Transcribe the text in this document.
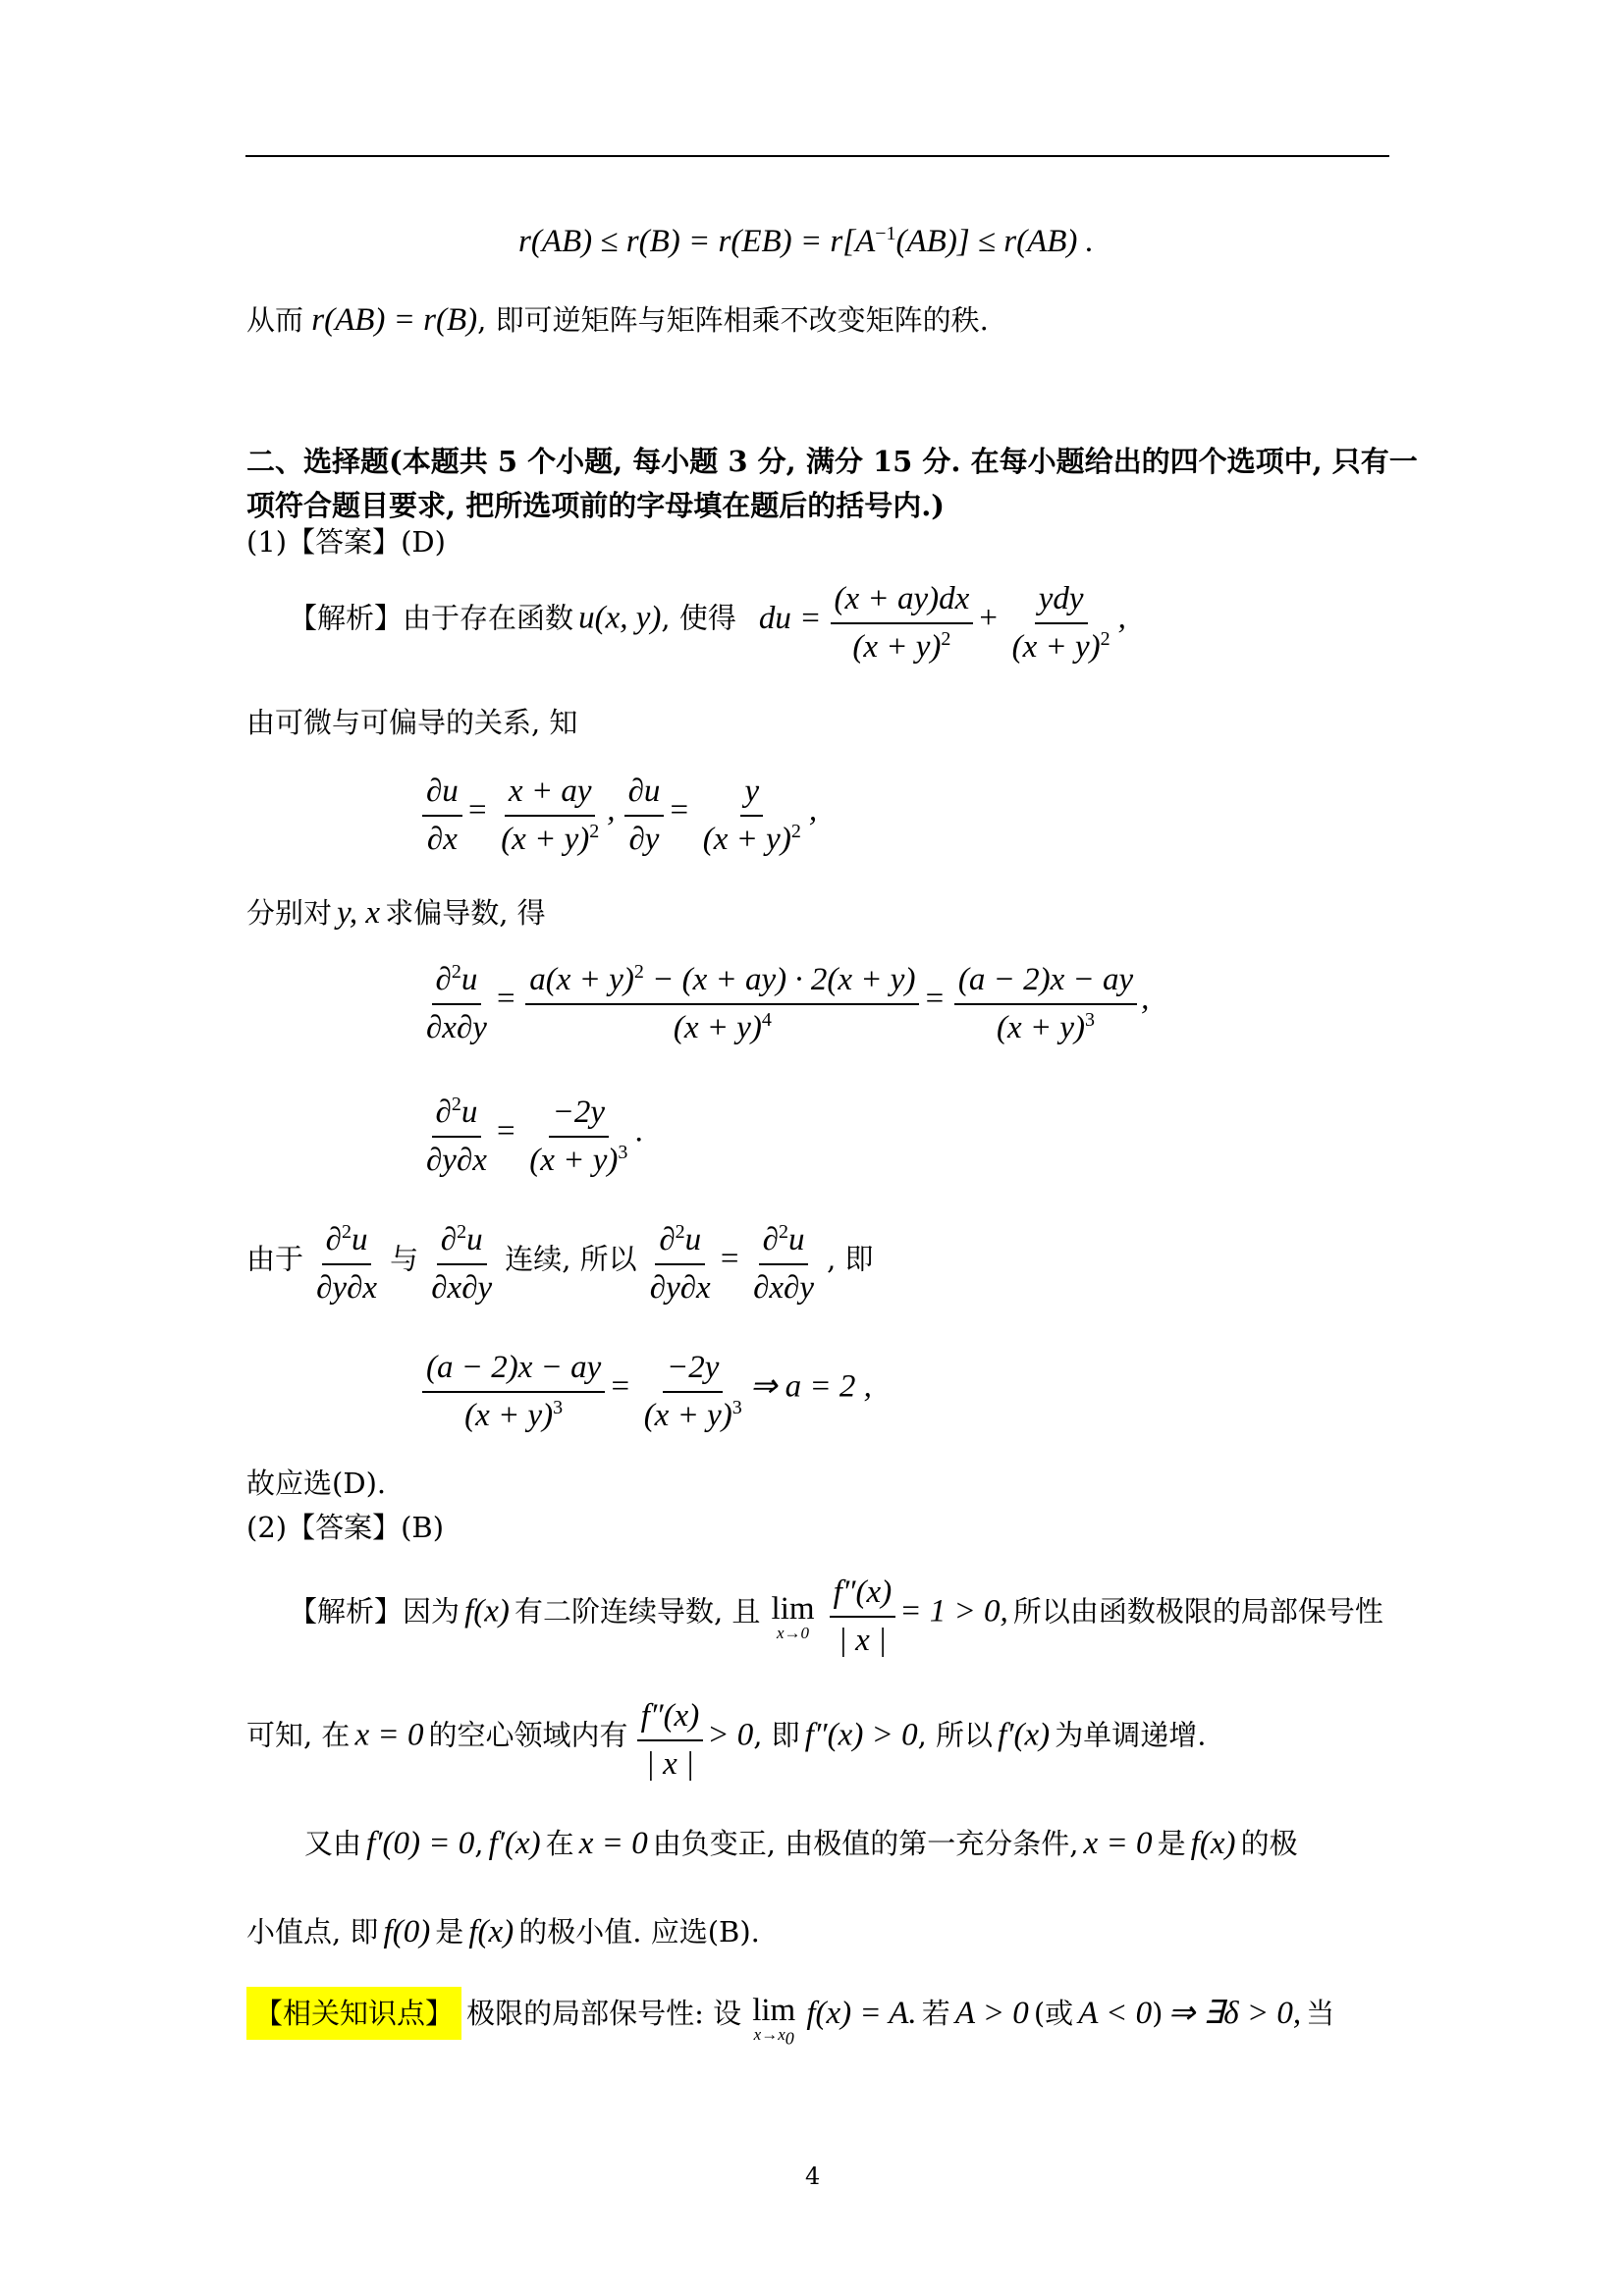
$r(AB) \le r(B) = r(EB) = r[A^{-1}(AB)] \le r(AB)$ .
从而 r(AB) = r(B), 即可逆矩阵与矩阵相乘不改变矩阵的秩.
二、选择题(本题共 5 个小题, 每小题 3 分, 满分 15 分. 在每小题给出的四个选项中, 只有一
项符合题目要求, 把所选项前的字母填在题后的括号内.)
(1)【答案】(D)
【解析】由于存在函数 u(x, y), 使得 du = $\frac{(x + ay)dx}{(x + y)^2} + \frac{\text{ydy}}{(x + y)^2}$ ,
由可微与可偏导的关系, 知
$\frac{\partial u}{\partial x} = \frac{x + ay}{(x + y)^2}$ , $\frac{\partial u}{\partial y} = \frac{y}{(x + y)^2}$ ,
分别对 y, x 求偏导数, 得
$\frac{\partial^2u}{\partial x\partial y} = \frac{a(x + y)^2 - (x + ay) \cdot 2(x + y)}{(x + y)^4} = \frac{(a - 2)x - ay}{(x + y)^3}$ ,
$\frac{\partial^2u}{\partial y\partial x} = \frac{-2y}{(x + y)^3}$ .
由于 $\frac{\partial^2u}{\partial y\partial x}$ 与 $\frac{\partial^2u}{\partial x\partial y}$ 连续, 所以 $\frac{\partial^2u}{\partial y\partial x} = \frac{\partial^2u}{\partial x\partial y}$ , 即
$\frac{(a - 2)x - ay}{(x + y)^3} = \frac{-2y}{(x + y)^3}$ ⇒ a = 2 ,
故应选(D).
(2)【答案】(B)
【解析】因为 f(x) 有二阶连续导数, 且 lim
x→0
$\frac{f''(x)}{| x |} = 1 > 0$, 所以由函数极限的局部保号性
可知, 在 x = 0 的空心领域内有 $\frac{f''(x)}{| x |} > 0$, 即 f″(x) > 0, 所以 f′(x) 为单调递增.
又由 f′(0) = 0, f′(x) 在 x = 0 由负变正, 由极值的第一充分条件, x = 0 是 f(x) 的极
小值点, 即 f(0) 是 f(x) 的极小值. 应选(B).
【相关知识点】 极限的局部保号性: 设 lim
x→x0
f(x) = A. 若 A > 0 (或 A < 0) ⇒ ∃δ > 0, 当
4
